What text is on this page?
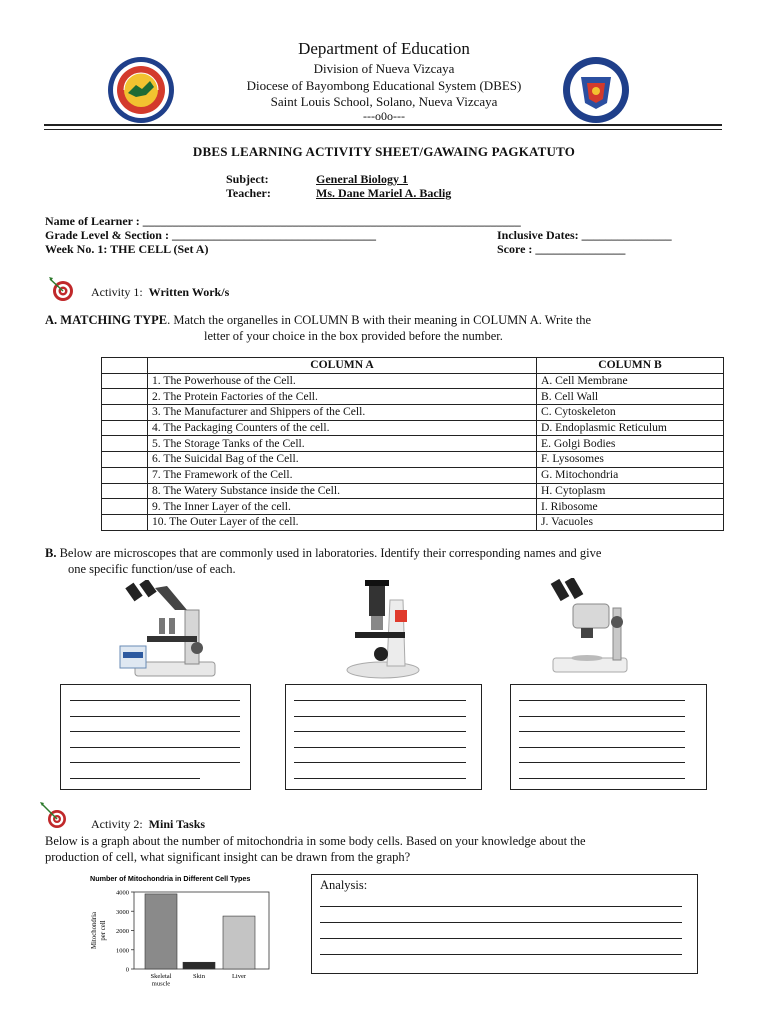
Department of Education
Division of Nueva Vizcaya
Diocese of Bayombong Educational System (DBES)
Saint Louis School, Solano, Nueva Vizcaya
---o0o---
DBES LEARNING ACTIVITY SHEET/GAWAING PAGKATUTO
Subject:	General Biology 1
Teacher:	Ms. Dane Mariel A. Baclig
Name of Learner : _______________________________________________________________
Grade Level & Section : __________________________________	Inclusive Dates: _______________
Week No. 1: THE CELL (Set A)	Score : _______________
Activity 1: Written Work/s
A. MATCHING TYPE. Match the organelles in COLUMN B with their meaning in COLUMN A. Write the
letter of your choice in the box provided before the number.
	COLUMN A	COLUMN B
	1. The Powerhouse of the Cell.	A. Cell Membrane
	2. The Protein Factories of the Cell.	B. Cell Wall
	3. The Manufacturer and Shippers of the Cell.	C. Cytoskeleton
	4. The Packaging Counters of the cell.	D. Endoplasmic Reticulum
	5. The Storage Tanks of the Cell.	E. Golgi Bodies
	6. The Suicidal Bag of the Cell.	F. Lysosomes
	7. The Framework of the Cell.	G. Mitochondria
	8. The Watery Substance inside the Cell.	H. Cytoplasm
	9. The Inner Layer of the cell.	I. Ribosome
	10. The Outer Layer of the cell.	J. Vacuoles
B. Below are microscopes that are commonly used in laboratories. Identify their corresponding names and give
one specific function/use of each.
Activity 2: Mini Tasks
Below is a graph about the number of mitochondria in some body cells. Based on your knowledge about the
production of cell, what significant insight can be drawn from the graph?
Number of Mitochondria in Different Cell Types
0
1000
2000
3000
4000
Mitochondria per cell
Skeletal
muscle
Skin	Liver
Analysis:
